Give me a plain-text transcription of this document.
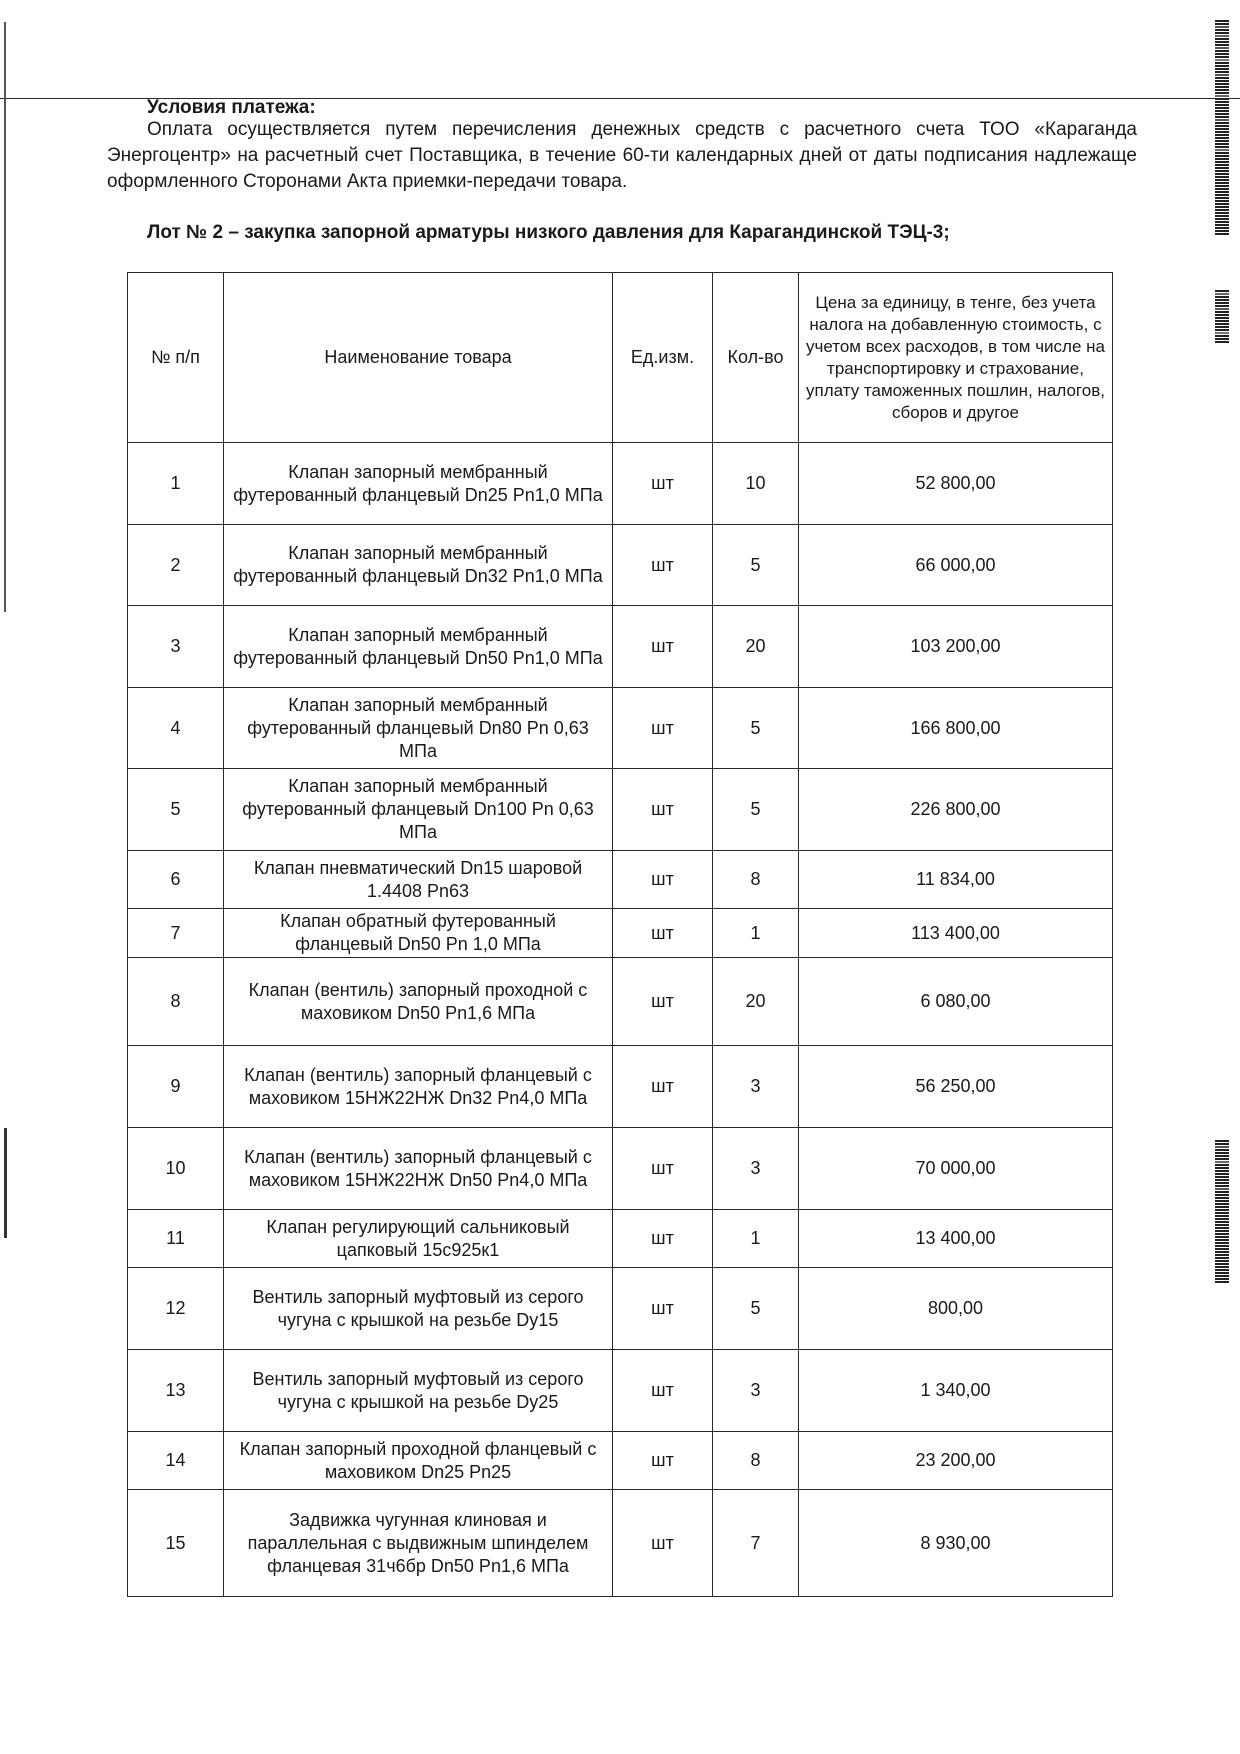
Условия платежа:
Оплата осуществляется путем перечисления денежных средств с расчетного счета ТОО «Караганда Энергоцентр» на расчетный счет Поставщика, в течение 60-ти календарных дней от даты подписания надлежаще оформленного Сторонами Акта приемки-передачи товара.
Лот № 2 – закупка запорной арматуры низкого давления для Карагандинской ТЭЦ-3;
№ п/п	Наименование товара	Ед.изм.	Кол-во	Цена за единицу, в тенге, без учета налога на добавленную стоимость, с учетом всех расходов, в том числе на транспортировку и страхование, уплату таможенных пошлин, налогов, сборов и другое
1	Клапан запорный мембранный футерованный фланцевый Dn25 Pn1,0 МПа	шт	10	52 800,00
2	Клапан запорный мембранный футерованный фланцевый Dn32 Pn1,0 МПа	шт	5	66 000,00
3	Клапан запорный мембранный футерованный фланцевый Dn50 Pn1,0 МПа	шт	20	103 200,00
4	Клапан запорный мембранный футерованный фланцевый Dn80 Pn 0,63 МПа	шт	5	166 800,00
5	Клапан запорный мембранный футерованный фланцевый Dn100 Pn 0,63 МПа	шт	5	226 800,00
6	Клапан пневматический Dn15 шаровой 1.4408 Pn63	шт	8	11 834,00
7	Клапан обратный футерованный фланцевый Dn50 Pn 1,0 МПа	шт	1	113 400,00
8	Клапан (вентиль) запорный проходной с маховиком Dn50 Pn1,6 МПа	шт	20	6 080,00
9	Клапан (вентиль) запорный фланцевый с маховиком 15НЖ22НЖ Dn32 Pn4,0 МПа	шт	3	56 250,00
10	Клапан (вентиль) запорный фланцевый с маховиком 15НЖ22НЖ Dn50 Pn4,0 МПа	шт	3	70 000,00
11	Клапан регулирующий сальниковый цапковый 15с925к1	шт	1	13 400,00
12	Вентиль запорный муфтовый из серого чугуна с крышкой на резьбе Dy15	шт	5	800,00
13	Вентиль запорный муфтовый из серого чугуна с крышкой на резьбе Dy25	шт	3	1 340,00
14	Клапан запорный проходной фланцевый с маховиком Dn25 Pn25	шт	8	23 200,00
15	Задвижка чугунная клиновая и параллельная с выдвижным шпинделем фланцевая 31ч6бр Dn50 Pn1,6 МПа	шт	7	8 930,00
